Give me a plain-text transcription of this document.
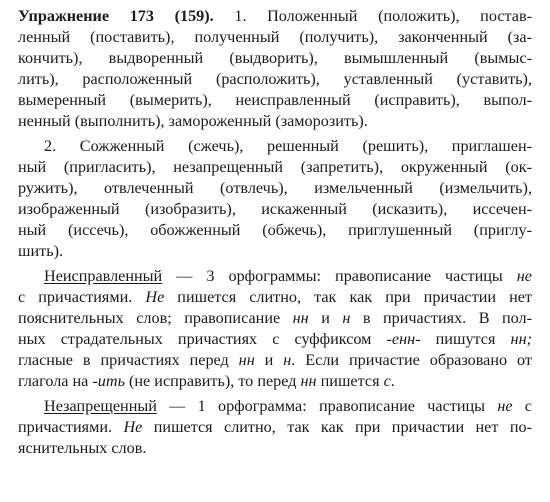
Упражнение 173 (159). 1. Положенный (положить), постав-
ленный (поставить), полученный (получить), законченный (за-
кончить), выдворенный (выдворить), вымышленный (вымыс-
лить), расположенный (расположить), уставленный (уставить),
вымеренный (вымерить), неисправленный (исправить), выпол-
ненный (выполнить), замороженный (заморозить).

2. Сожженный (сжечь), решенный (решить), приглашен-
ный (пригласить), незапрещенный (запретить), окруженный (ок-
ружить), отвлеченный (отвлечь), измельченный (измельчить),
изображенный (изобразить), искаженный (исказить), иссечен-
ный (иссечь), обожженный (обжечь), приглушенный (приглу-
шить).

Неисправленный — 3 орфограммы: правописание частицы не
с причастиями. Не пишется слитно, так как при причастии нет
пояснительных слов; правописание нн и н в причастиях. В пол-
ных страдательных причастиях с суффиксом -енн- пишутся нн;
гласные в причастиях перед нн и н. Если причастие образовано от
глагола на -ить (не исправить), то перед нн пишется с.

Незапрещенный — 1 орфограмма: правописание частицы не с
причастиями. Не пишется слитно, так как при причастии нет по-
яснительных слов.
